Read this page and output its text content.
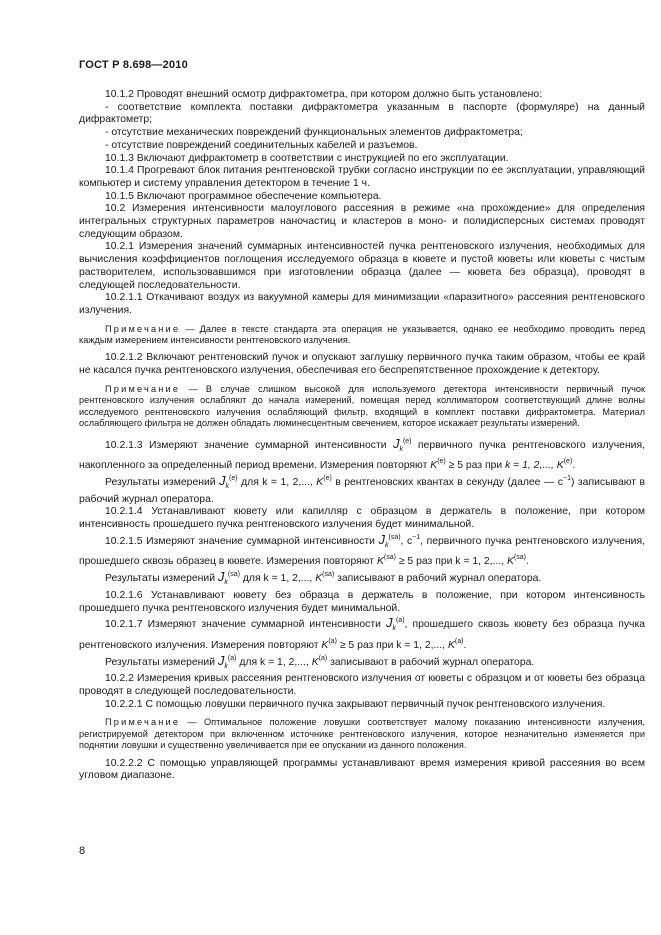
ГОСТ Р 8.698—2010

10.1.2 Проводят внешний осмотр дифрактометра, при котором должно быть установлено:

- соответствие комплекта поставки дифрактометра указанным в паспорте (формуляре) на данный дифрактометр;

- отсутствие механических повреждений функциональных элементов дифрактометра;

- отсутствие повреждений соединительных кабелей и разъемов.

10.1.3 Включают дифрактометр в соответствии с инструкцией по его эксплуатации.

10.1.4 Прогревают блок питания рентгеновской трубки согласно инструкции по ее эксплуатации, управляющий компьютер и систему управления детектором в течение 1 ч.

10.1.5 Включают программное обеспечение компьютера.

10.2 Измерения интенсивности малоуглового рассеяния в режиме «на прохождение» для определения интегральных структурных параметров наночастиц и кластеров в моно- и полидисперсных системах проводят следующим образом.

10.2.1 Измерения значений суммарных интенсивностей пучка рентгеновского излучения, необходимых для вычисления коэффициентов поглощения исследуемого образца в кювете и пустой кюветы или кюветы с чистым растворителем, использовавшимся при изготовлении образца (далее — кювета без образца), проводят в следующей последовательности.

10.2.1.1 Откачивают воздух из вакуумной камеры для минимизации «паразитного» рассеяния рентгеновского излучения.

Примечание — Далее в тексте стандарта эта операция не указывается, однако ее необходимо проводить перед каждым измерением интенсивности рентгеновского излучения.

10.2.1.2 Включают рентгеновский пучок и опускают заглушку первичного пучка таким образом, чтобы ее край не касался пучка рентгеновского излучения, обеспечивая его беспрепятственное прохождение к детектору.

Примечание — В случае слишком высокой для используемого детектора интенсивности первичный пучок рентгеновского излучения ослабляют до начала измерений, помещая перед коллиматором соответствующий длине волны исследуемого рентгеновского излучения ослабляющий фильтр, входящий в комплект поставки дифрактометра. Материал ослабляющего фильтра не должен обладать люминесцентным свечением, которое искажает результаты измерений.

10.2.1.3 Измеряют значение суммарной интенсивности $J_k^{(e)}$ первичного пучка рентгеновского излучения, накопленного за определенный период времени. Измерения повторяют $K^{(e)} \ge 5$ раз при k = 1, 2,..., $K^{(e)}$.

Результаты измерений $J_k^{(e)}$ для k = 1, 2,..., $K^{(e)}$ в рентгеновских квантах в секунду (далее — $c^{-1}$) записывают в рабочий журнал оператора.

10.2.1.4 Устанавливают кювету или капилляр с образцом в держатель в положение, при котором интенсивность прошедшего пучка рентгеновского излучения будет минимальной.

10.2.1.5 Измеряют значение суммарной интенсивности $J_k^{(sa)}$, $c^{-1}$, первичного пучка рентгеновского излучения, прошедшего сквозь образец в кювете. Измерения повторяют $K^{(sa)} \ge 5$ раз при k = 1, 2,..., $K^{(sa)}$.

Результаты измерений $J_k^{(sa)}$ для k = 1, 2,..., $K^{(sa)}$ записывают в рабочий журнал оператора.

10.2.1.6 Устанавливают кювету без образца в держатель в положение, при котором интенсивность прошедшего пучка рентгеновского излучения будет минимальной.

10.2.1.7 Измеряют значение суммарной интенсивности $J_k^{(a)}$, прошедшего сквозь кювету без образца пучка рентгеновского излучения. Измерения повторяют $K^{(a)} \ge 5$ раз при k = 1, 2,..., $K^{(a)}$.

Результаты измерений $J_k^{(a)}$ для k = 1, 2,..., $K^{(a)}$ записывают в рабочий журнал оператора.

10.2.2 Измерения кривых рассеяния рентгеновского излучения от кюветы с образцом и от кюветы без образца проводят в следующей последовательности.

10.2.2.1 С помощью ловушки первичного пучка закрывают первичный пучок рентгеновского излучения.

Примечание — Оптимальное положение ловушки соответствует малому показанию интенсивности излучения, регистрируемой детектором при включенном источнике рентгеновского излучения, которое незначительно изменяется при поднятии ловушки и существенно увеличивается при ее опускании из данного положения.

10.2.2.2 С помощью управляющей программы устанавливают время измерения кривой рассеяния во всем угловом диапазоне.

8
